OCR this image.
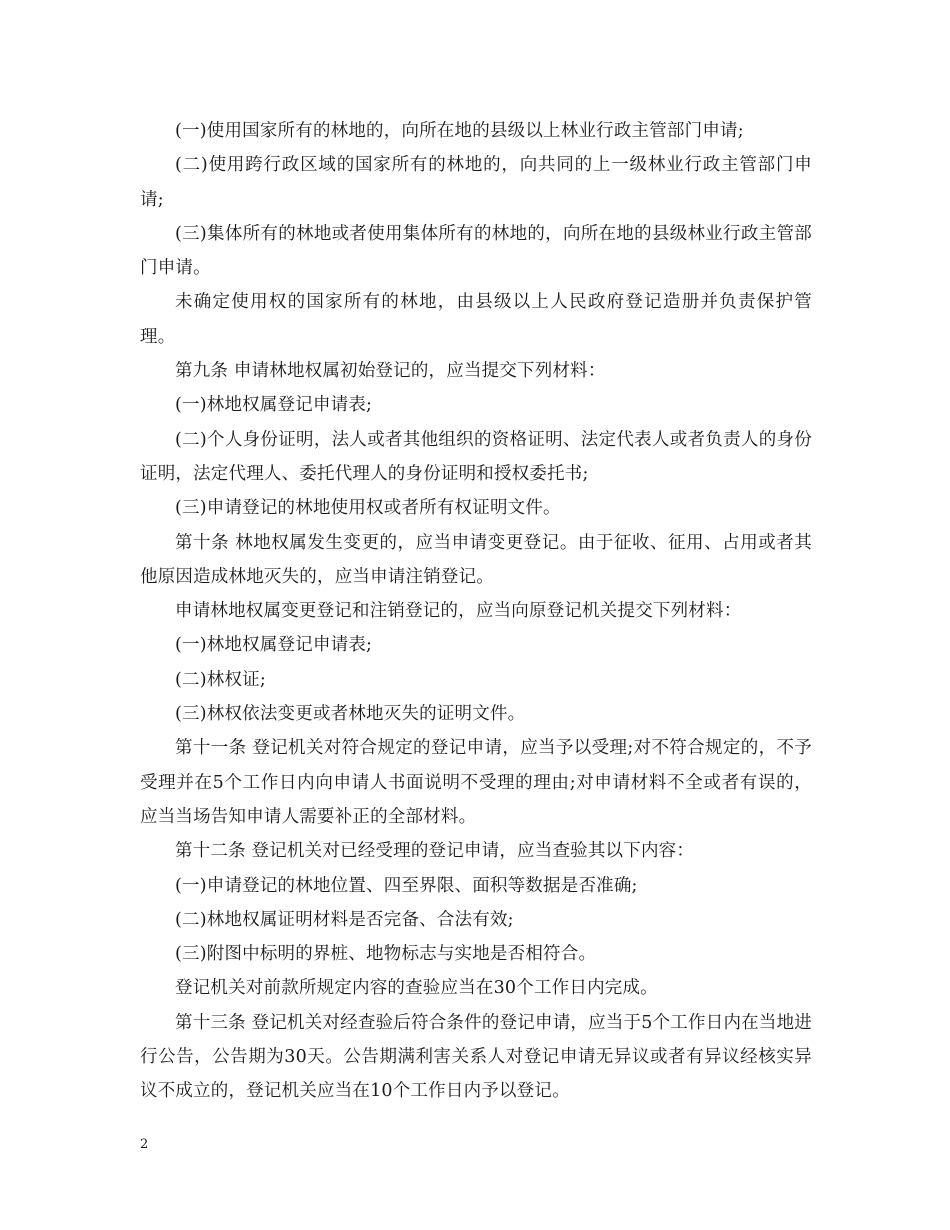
(一)使用国家所有的林地的，向所在地的县级以上林业行政主管部门申请;

(二)使用跨行政区域的国家所有的林地的，向共同的上一级林业行政主管部门申请;

(三)集体所有的林地或者使用集体所有的林地的，向所在地的县级林业行政主管部门申请。

未确定使用权的国家所有的林地，由县级以上人民政府登记造册并负责保护管理。

第九条 申请林地权属初始登记的，应当提交下列材料：

(一)林地权属登记申请表;

(二)个人身份证明，法人或者其他组织的资格证明、法定代表人或者负责人的身份证明，法定代理人、委托代理人的身份证明和授权委托书;

(三)申请登记的林地使用权或者所有权证明文件。

第十条 林地权属发生变更的，应当申请变更登记。由于征收、征用、占用或者其他原因造成林地灭失的，应当申请注销登记。

申请林地权属变更登记和注销登记的，应当向原登记机关提交下列材料：

(一)林地权属登记申请表;

(二)林权证;

(三)林权依法变更或者林地灭失的证明文件。

第十一条 登记机关对符合规定的登记申请，应当予以受理;对不符合规定的，不予受理并在5个工作日内向申请人书面说明不受理的理由;对申请材料不全或者有误的，应当当场告知申请人需要补正的全部材料。

第十二条 登记机关对已经受理的登记申请，应当查验其以下内容：

(一)申请登记的林地位置、四至界限、面积等数据是否准确;

(二)林地权属证明材料是否完备、合法有效;

(三)附图中标明的界桩、地物标志与实地是否相符合。

登记机关对前款所规定内容的查验应当在30个工作日内完成。

第十三条 登记机关对经查验后符合条件的登记申请，应当于5个工作日内在当地进行公告，公告期为30天。公告期满利害关系人对登记申请无异议或者有异议经核实异议不成立的，登记机关应当在10个工作日内予以登记。

2
